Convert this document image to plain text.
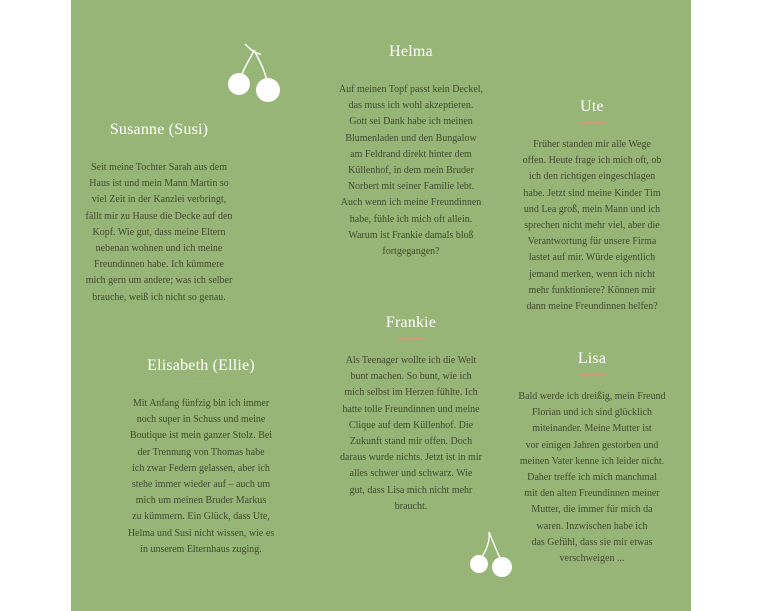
Helma

Auf meinen Topf passt kein Deckel,
das muss ich wohl akzeptieren.
Gott sei Dank habe ich meinen
Blumenladen und den Bungalow
am Feldrand direkt hinter dem
Küllenhof, in dem mein Bruder
Norbert mit seiner Familie lebt.
Auch wenn ich meine Freundinnen
habe, fühle ich mich oft allein.
Warum ist Frankie damals bloß
fortgegangen?

Susanne (Susi)

Seit meine Tochter Sarah aus dem
Haus ist und mein Mann Martin so
viel Zeit in der Kanzlei verbringt,
fällt mir zu Hause die Decke auf den
Kopf. Wie gut, dass meine Eltern
nebenan wohnen und ich meine
Freundinnen habe. Ich kümmere
mich gern um andere; was ich selber
brauche, weiß ich nicht so genau.

Ute

Früher standen mir alle Wege
offen. Heute frage ich mich oft, ob
ich den richtigen eingeschlagen
habe. Jetzt sind meine Kinder Tim
und Lea groß, mein Mann und ich
sprechen nicht mehr viel, aber die
Verantwortung für unsere Firma
lastet auf mir. Würde eigentlich
jemand merken, wenn ich nicht
mehr funktioniere? Können mir
dann meine Freundinnen helfen?

Frankie

Als Teenager wollte ich die Welt
bunt machen. So bunt, wie ich
mich selbst im Herzen fühlte. Ich
hatte tolle Freundinnen und meine
Clique auf dem Küllenhof. Die
Zukunft stand mir offen. Doch
daraus wurde nichts. Jetzt ist in mir
alles schwer und schwarz. Wie
gut, dass Lisa mich nicht mehr
braucht.

Elisabeth (Ellie)

Mit Anfang fünfzig bin ich immer
noch super in Schuss und meine
Boutique ist mein ganzer Stolz. Bei
der Trennung von Thomas habe
ich zwar Federn gelassen, aber ich
stehe immer wieder auf – auch um
mich um meinen Bruder Markus
zu kümmern. Ein Glück, dass Ute,
Helma und Susi nicht wissen, wie es
in unserem Elternhaus zuging.

Lisa

Bald werde ich dreißig, mein Freund
Florian und ich sind glücklich
miteinander. Meine Mutter ist
vor einigen Jahren gestorben und
meinen Vater kenne ich leider nicht.
Daher treffe ich mich manchmal
mit den alten Freundinnen meiner
Mutter, die immer für mich da
waren. Inzwischen habe ich
das Gefühl, dass sie mir etwas
verschweigen ...
